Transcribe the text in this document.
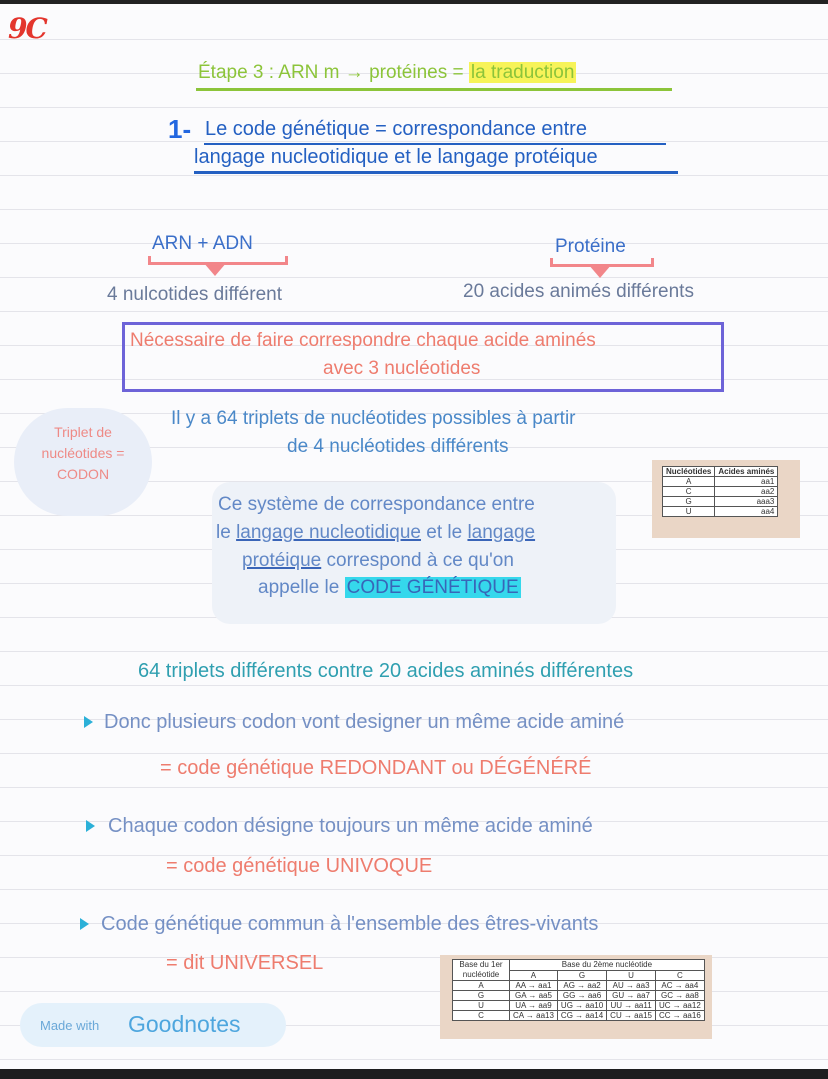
9C

Étape 3 : ARN m → protéines = la traduction

1- Le code génétique = correspondance entre

langage nucleotidique et le langage protéique

ARN + ADN	Protéine

4 nulcotides différent	20 acides animés différents

Nécessaire de faire correspondre chaque acide aminés

avec 3 nucléotides

Triplet de

nucléotides =

CODON

Il y a 64 triplets de nucléotides possibles à partir

de 4 nucléotides différents

Ce système de correspondance entre

le langage nucleotidique et le langage

protéique correspond à ce qu'on

appelle le CODE GÉNÉTIQUE

Nucléotides	Acides aminés
A	aa1
C	aa2
G	aaa3
U	aa4

64 triplets différents contre 20 acides aminés différentes

Donc plusieurs codon vont designer un même acide aminé

= code génétique REDONDANT ou DÉGÉNÉRÉ

Chaque codon désigne toujours un même acide aminé

= code génétique UNIVOQUE

Code génétique commun à l'ensemble des êtres-vivants

= dit UNIVERSEL	Base du 1er nucléotide	Base du 2ème nucléotide			
	A	G	U	C
A	AA → aa1	AG → aa2	AU → aa3	AC → aa4
G	GA → aa5	GG → aa6	GU → aa7	GC → aa8
U	UA → aa9	UG → aa10	UU → aa11	UC → aa12
C	CA → aa13	CG → aa14	CU → aa15	CC → aa16

Made with Goodnotes
